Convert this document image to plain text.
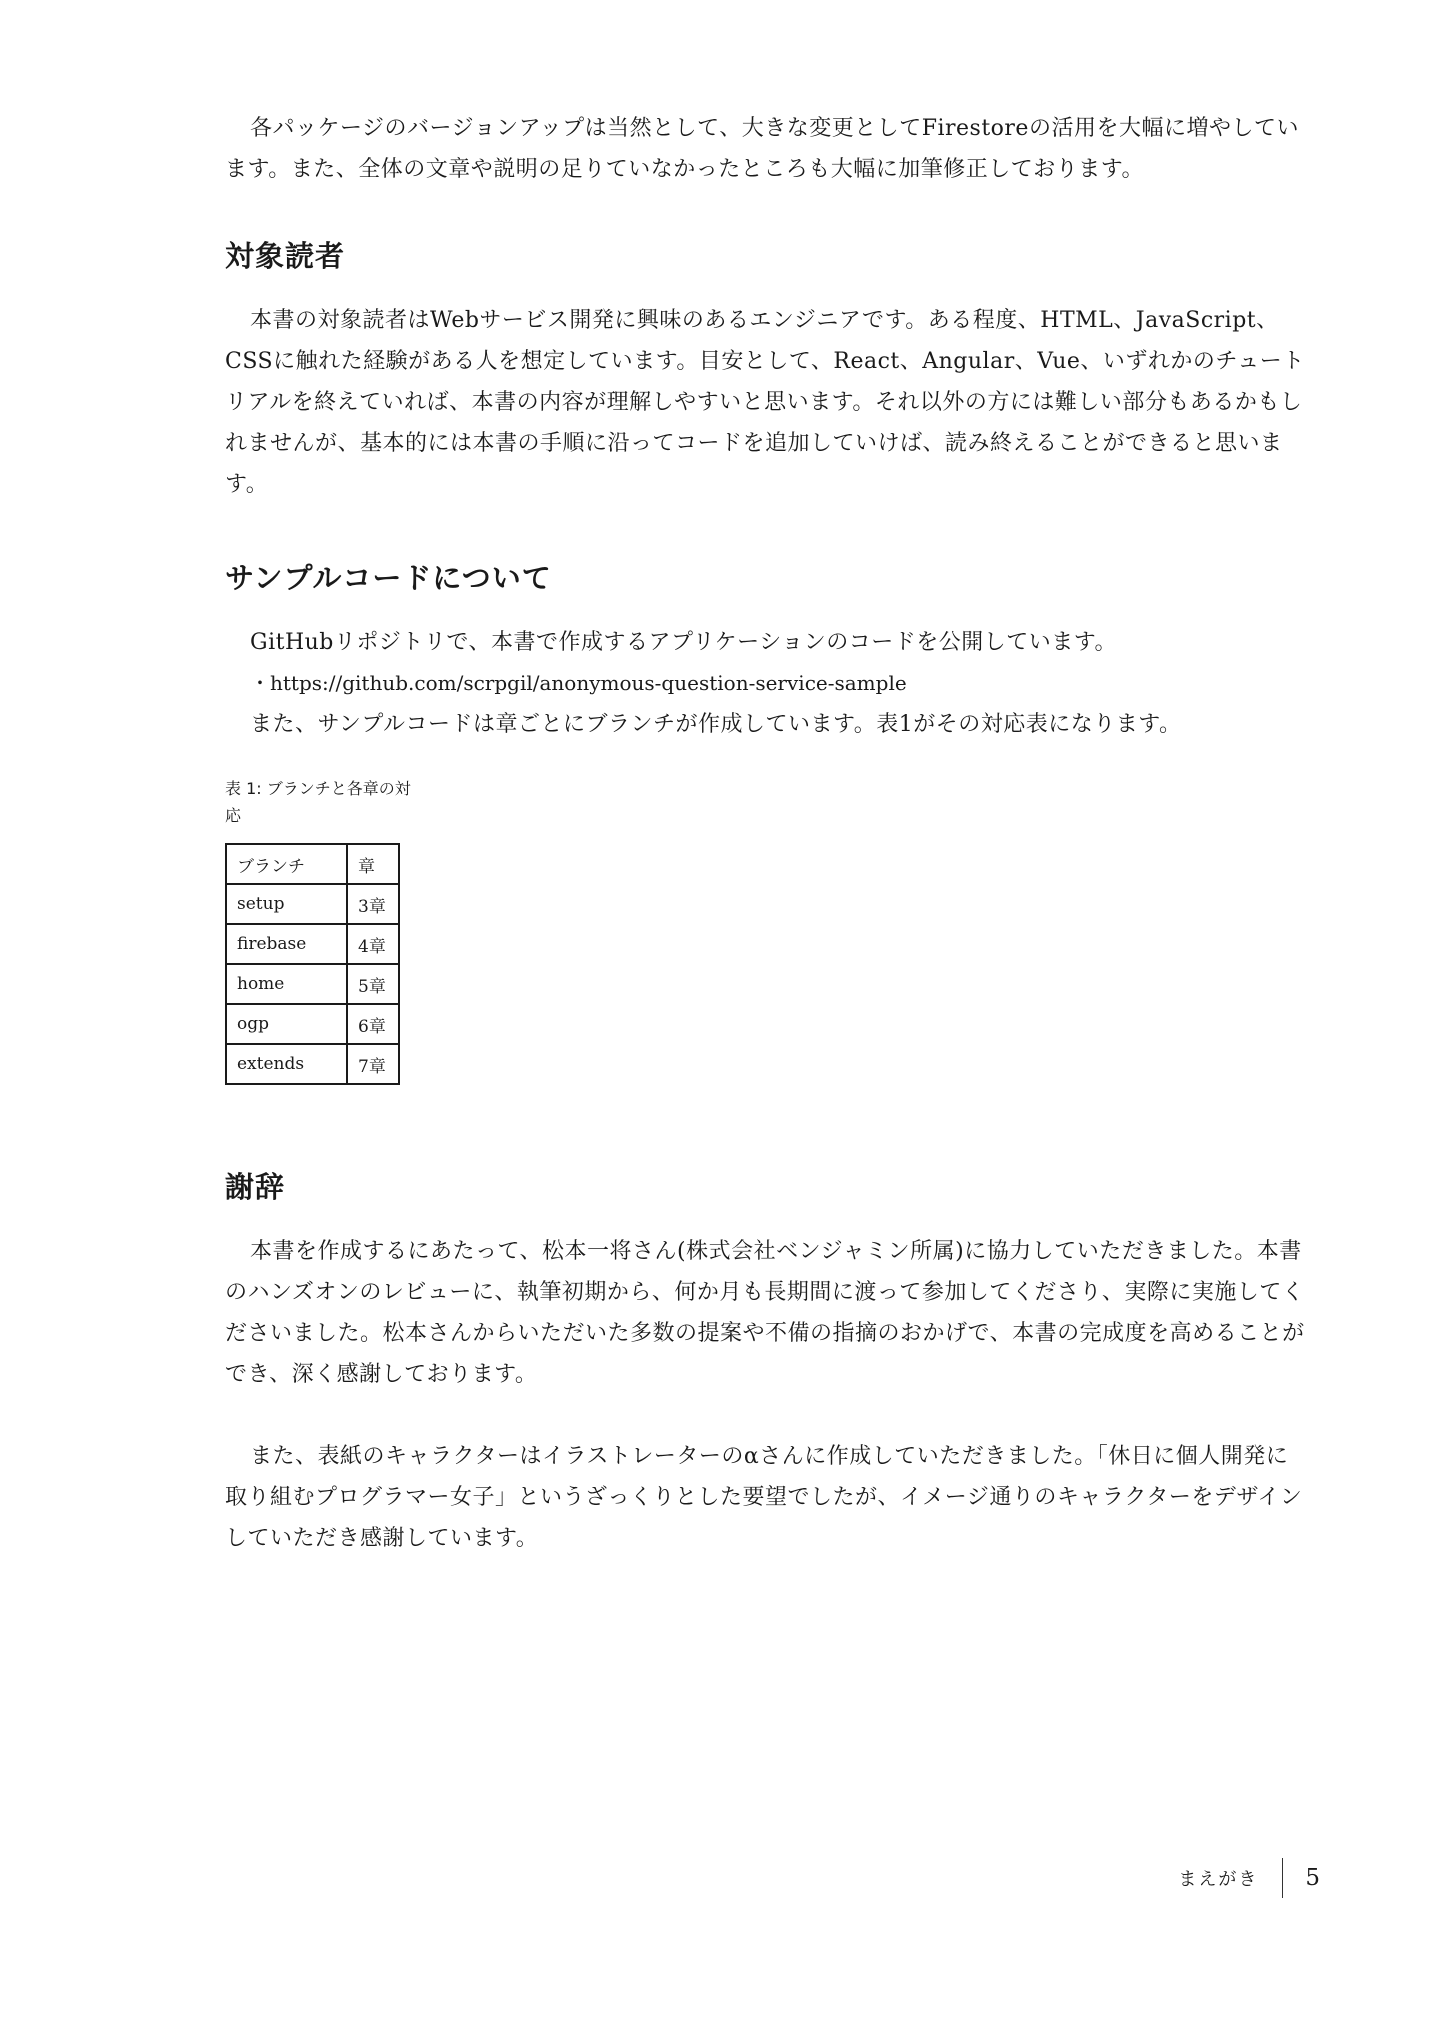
各パッケージのバージョンアップは当然として、大きな変更としてFirestoreの活用を大幅に増やしています。また、全体の文章や説明の足りていなかったところも大幅に加筆修正しております。

対象読者

本書の対象読者はWebサービス開発に興味のあるエンジニアです。ある程度、HTML、JavaScript、CSSに触れた経験がある人を想定しています。目安として、React、Angular、Vue、いずれかのチュートリアルを終えていれば、本書の内容が理解しやすいと思います。それ以外の方には難しい部分もあるかもしれませんが、基本的には本書の手順に沿ってコードを追加していけば、読み終えることができると思います。

サンプルコードについて

GitHubリポジトリで、本書で作成するアプリケーションのコードを公開しています。

・https://github.com/scrpgil/anonymous-question-service-sample

また、サンプルコードは章ごとにブランチが作成しています。表1がその対応表になります。

表 1: ブランチと各章の対応
ブランチ	章
setup	3章
firebase	4章
home	5章
ogp	6章
extends	7章
謝辞

本書を作成するにあたって、松本一将さん(株式会社ベンジャミン所属)に協力していただきました。本書のハンズオンのレビューに、執筆初期から、何か月も長期間に渡って参加してくださり、実際に実施してくださいました。松本さんからいただいた多数の提案や不備の指摘のおかげで、本書の完成度を高めることができ、深く感謝しております。

また、表紙のキャラクターはイラストレーターのαさんに作成していただきました。「休日に個人開発に取り組むプログラマー女子」というざっくりとした要望でしたが、イメージ通りのキャラクターをデザインしていただき感謝しています。

まえがき 5
